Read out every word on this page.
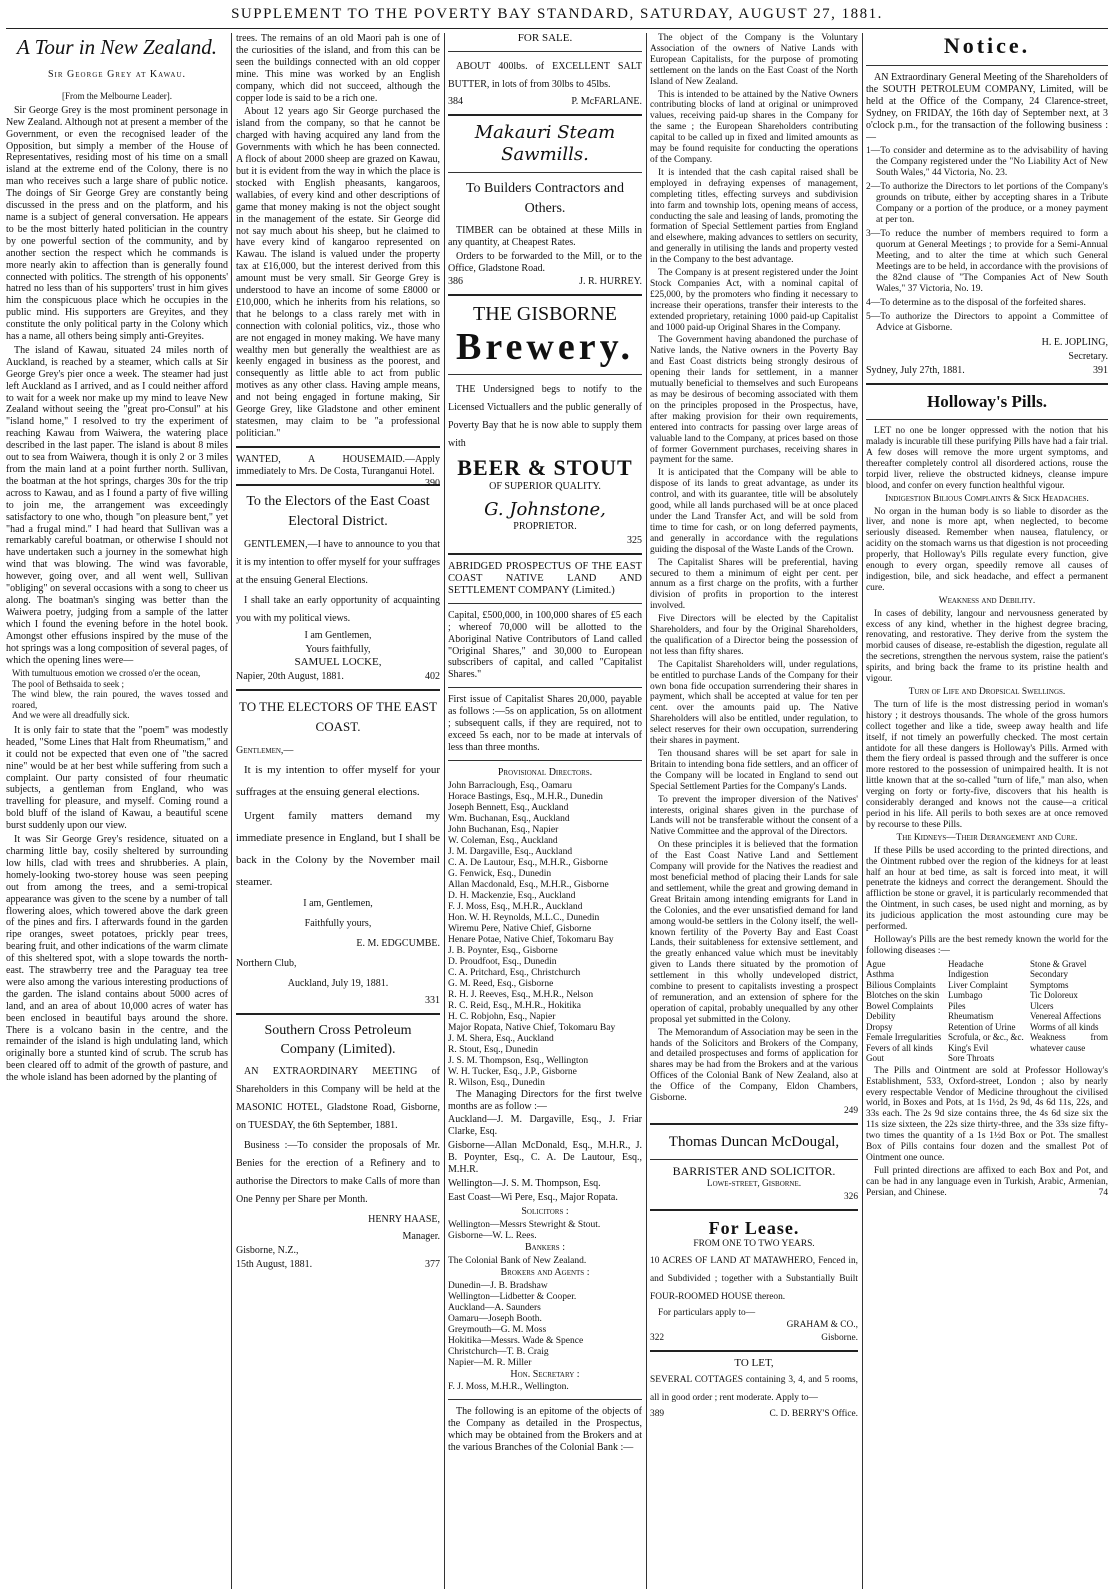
SUPPLEMENT TO THE POVERTY BAY STANDARD, SATURDAY, AUGUST 27, 1881.
A Tour in New Zealand.
Sir George Grey at Kawau.

[From the Melbourne Leader].

Sir George Grey is the most prominent personage in New Zealand. Although not at present a member of the Government, or even the recognised leader of the Opposition, but simply a member of the House of Representatives, residing most of his time on a small island at the extreme end of the Colony, there is no man who receives such a large share of public notice. The doings of Sir George Grey are constantly being discussed in the press and on the platform, and his name is a subject of general conversation. He appears to be the most bitterly hated politician in the country by one powerful section of the community, and by another section the respect which he commands is more nearly akin to affection than is generally found connected with politics. The strength of his opponents' hatred no less than of his supporters' trust in him gives him the conspicuous place which he occupies in the public mind. His supporters are Greyites, and they constitute the only political party in the Colony which has a name, all others being simply anti-Greyites.

The island of Kawau, situated 24 miles north of Auckland, is reached by a steamer, which calls at Sir George Grey's pier once a week. The steamer had just left Auckland as I arrived, and as I could neither afford to wait for a week nor make up my mind to leave New Zealand without seeing the "great pro-Consul" at his "island home," I resolved to try the experiment of reaching Kawau from Waiwera, the watering place described in the last paper. The island is about 8 miles out to sea from Waiwera, though it is only 2 or 3 miles from the main land at a point further north. Sullivan, the boatman at the hot springs, charges 30s for the trip across to Kawau, and as I found a party of five willing to join me, the arrangement was exceedingly satisfactory to one who, though "on pleasure bent," yet "had a frugal mind." I had heard that Sullivan was a remarkably careful boatman, or otherwise I should not have undertaken such a journey in the somewhat high wind that was blowing. The wind was favorable, however, going over, and all went well, Sullivan "obliging" on several occasions with a song to cheer us along. The boatman's singing was better than the Waiwera poetry, judging from a sample of the latter which I found the evening before in the hotel book. Amongst other effusions inspired by the muse of the hot springs was a long composition of several pages, of which the opening lines were—

With tumultuous emotion we crossed o'er the ocean,
The pool of Bethsaida to seek ;
The wind blew, the rain poured, the waves tossed and roared,
And we were all dreadfully sick.

It is only fair to state that the "poem" was modestly headed, "Some Lines that Halt from Rheumatism," and it could not be expected that even one of "the sacred nine" would be at her best while suffering from such a complaint. Our party consisted of four rheumatic subjects, a gentleman from England, who was travelling for pleasure, and myself. Coming round a bold bluff of the island of Kawau, a beautiful scene burst suddenly upon our view.

It was Sir George Grey's residence, situated on a charming little bay, cosily sheltered by surrounding low hills, clad with trees and shrubberies. A plain, homely-looking two-storey house was seen peeping out from among the trees, and a semi-tropical appearance was given to the scene by a number of tall flowering aloes, which towered above the dark green of the pines and firs. I afterwards found in the garden ripe oranges, sweet potatoes, prickly pear trees, bearing fruit, and other indications of the warm climate of this sheltered spot, with a slope towards the north-east. The strawberry tree and the Paraguay tea tree were also among the various interesting productions of the garden. The island contains about 5000 acres of land, and an area of about 10,000 acres of water has been enclosed in beautiful bays around the shore. There is a volcano basin in the centre, and the remainder of the island is high undulating land, which originally bore a stunted kind of scrub. The scrub has been cleared off to admit of the growth of pasture, and the whole island has been adorned by the planting of

trees. The remains of an old Maori pah is one of the curiosities of the island, and from this can be seen the buildings connected with an old copper mine. This mine was worked by an English company, which did not succeed, although the copper lode is said to be a rich one.

About 12 years ago Sir George purchased the island from the company, so that he cannot be charged with having acquired any land from the Governments with which he has been connected. A flock of about 2000 sheep are grazed on Kawau, but it is evident from the way in which the place is stocked with English pheasants, kangaroos, wallabies, of every kind and other descriptions of game that money making is not the object sought in the management of the estate. Sir George did not say much about his sheep, but he claimed to have every kind of kangaroo represented on Kawau. The island is valued under the property tax at £16,000, but the interest derived from this amount must be very small. Sir George Grey is understood to have an income of some £8000 or £10,000, which he inherits from his relations, so that he belongs to a class rarely met with in connection with colonial politics, viz., those who are not engaged in money making. We have many wealthy men but generally the wealthiest are as keenly engaged in business as the poorest, and consequently as little able to act from public motives as any other class. Having ample means, and not being engaged in fortune making, Sir George Grey, like Gladstone and other eminent statesmen, may claim to be "a professional politician."

WANTED, A HOUSEMAID.—Apply immediately to Mrs. De Costa, Turanganui Hotel.
390

To the Electors of the East Coast Electoral District.

GENTLEMEN,—I have to announce to you that it is my intention to offer myself for your suffrages at the ensuing General Elections.

I shall take an early opportunity of acquainting you with my political views.

I am Gentlemen,

Yours faithfully,

SAMUEL LOCKE,

Napier, 20th August, 1881.	402

TO THE ELECTORS OF THE EAST COAST.

Gentlemen,—

It is my intention to offer myself for your suffrages at the ensuing general elections.

Urgent family matters demand my immediate presence in England, but I shall be back in the Colony by the November mail steamer.

I am, Gentlemen,

Faithfully yours,

E. M. EDGCUMBE.

Northern Club,

Auckland, July 19, 1881.

331

Southern Cross Petroleum Company (Limited).

AN EXTRAORDINARY MEETING of Shareholders in this Company will be held at the MASONIC HOTEL, Gladstone Road, Gisborne, on TUESDAY, the 6th September, 1881.

Business :—To consider the proposals of Mr. Benies for the erection of a Refinery and to authorise the Directors to make Calls of more than One Penny per Share per Month.

HENRY HAASE,

Manager.

Gisborne, N.Z.,

15th August, 1881.	377

FOR SALE.

ABOUT 400lbs. of EXCELLENT SALT BUTTER, in lots of from 30lbs to 45lbs.

384	P. McFARLANE.

Makauri Steam Sawmills.
To Builders Contractors and Others.

TIMBER can be obtained at these Mills in any quantity, at Cheapest Rates.

Orders to be forwarded to the Mill, or to the Office, Gladstone Road.

386	J. R. HURREY.

THE GISBORNE
Brewery.

THE Undersigned begs to notify to the Licensed Victuallers and the public generally of Poverty Bay that he is now able to supply them with

BEER & STOUT

OF SUPERIOR QUALITY.

G. Johnstone,

PROPRIETOR.

325

ABRIDGED PROSPECTUS OF THE EAST COAST NATIVE LAND AND SETTLEMENT COMPANY (Limited.)

Capital, £500,000, in 100,000 shares of £5 each ; whereof 70,000 will be allotted to the Aboriginal Native Contributors of Land called "Original Shares," and 30,000 to European subscribers of capital, and called "Capitalist Shares."

First issue of Capitalist Shares 20,000, payable as follows :—5s on application, 5s on allotment ; subsequent calls, if they are required, not to exceed 5s each, nor to be made at intervals of less than three months.

Provisional Directors.

John Barraclough, Esq., Oamaru

Horace Bastings, Esq., M.H.R., Dunedin

Joseph Bennett, Esq., Auckland

Wm. Buchanan, Esq., Auckland

John Buchanan, Esq., Napier

W. Coleman, Esq., Auckland

J. M. Dargaville, Esq., Auckland

C. A. De Lautour, Esq., M.H.R., Gisborne

G. Fenwick, Esq., Dunedin

Allan Macdonald, Esq., M.H.R., Gisborne

D. H. Mackenzie, Esq., Auckland

F. J. Moss, Esq., M.H.R., Auckland

Hon. W. H. Reynolds, M.L.C., Dunedin

Wiremu Pere, Native Chief, Gisborne

Henare Potae, Native Chief, Tokomaru Bay

J. B. Poynter, Esq., Gisborne

D. Proudfoot, Esq., Dunedin

C. A. Pritchard, Esq., Christchurch

G. M. Reed, Esq., Gisborne

R. H. J. Reeves, Esq., M.H.R., Nelson

R. C. Reid, Esq., M.H.R., Hokitika

H. C. Robjohn, Esq., Napier

Major Ropata, Native Chief, Tokomaru Bay

J. M. Shera, Esq., Auckland

R. Stout, Esq., Dunedin

J. S. M. Thompson, Esq., Wellington

W. H. Tucker, Esq., J.P., Gisborne

R. Wilson, Esq., Dunedin

The Managing Directors for the first twelve months are as follow :—

Auckland—J. M. Dargaville, Esq., J. Friar Clarke, Esq.

Gisborne—Allan McDonald, Esq., M.H.R., J. B. Poynter, Esq., C. A. De Lautour, Esq., M.H.R.

Wellington—J. S. M. Thompson, Esq.

East Coast—Wi Pere, Esq., Major Ropata.

Solicitors :

Wellington—Messrs Stewright & Stout.

Gisborne—W. L. Rees.

Bankers :

The Colonial Bank of New Zealand.

Brokers and Agents :

Dunedin—J. B. Bradshaw

Wellington—Lidbetter & Cooper.

Auckland—A. Saunders

Oamaru—Joseph Booth.

Greymouth—G. M. Moss

Hokitika—Messrs. Wade & Spence

Christchurch—T. B. Craig

Napier—M. R. Miller

Hon. Secretary :

F. J. Moss, M.H.R., Wellington.

The following is an epitome of the objects of the Company as detailed in the Prospectus, which may be obtained from the Brokers and at the various Branches of the Colonial Bank :—

The object of the Company is the Voluntary Association of the owners of Native Lands with European Capitalists, for the purpose of promoting settlement on the lands on the East Coast of the North Island of New Zealand.

This is intended to be attained by the Native Owners contributing blocks of land at original or unimproved values, receiving paid-up shares in the Company for the same ; the European Shareholders contributing capital to be called up in fixed and limited amounts as may be found requisite for conducting the operations of the Company.

It is intended that the cash capital raised shall be employed in defraying expenses of management, completing titles, effecting surveys and subdivision into farm and township lots, opening means of access, conducting the sale and leasing of lands, promoting the formation of Special Settlement parties from England and elsewhere, making advances to settlers on security, and generally in utilising the lands and property vested in the Company to the best advantage.

The Company is at present registered under the Joint Stock Companies Act, with a nominal capital of £25,000, by the promoters who finding it necessary to increase their operations, transfer their interests to the extended proprietary, retaining 1000 paid-up Capitalist and 1000 paid-up Original Shares in the Company.

The Government having abandoned the purchase of Native lands, the Native owners in the Poverty Bay and East Coast districts being strongly desirous of opening their lands for settlement, in a manner mutually beneficial to themselves and such Europeans as may be desirous of becoming associated with them on the principles proposed in the Prospectus, have, after making provision for their own requirements, entered into contracts for passing over large areas of valuable land to the Company, at prices based on those of former Government purchases, receiving shares in payment for the same.

It is anticipated that the Company will be able to dispose of its lands to great advantage, as under its control, and with its guarantee, title will be absolutely good, while all lands purchased will be at once placed under the Land Transfer Act, and will be sold from time to time for cash, or on long deferred payments, and generally in accordance with the regulations guiding the disposal of the Waste Lands of the Crown.

The Capitalist Shares will be preferential, having secured to them a minimum of eight per cent. per annum as a first charge on the profits, with a further division of profits in proportion to the interest involved.

Five Directors will be elected by the Capitalist Shareholders, and four by the Original Shareholders, the qualification of a Director being the possession of not less than fifty shares.

The Capitalist Shareholders will, under regulations, be entitled to purchase Lands of the Company for their own bona fide occupation surrendering their shares in payment, which shall be accepted at value for ten per cent. over the amounts paid up. The Native Shareholders will also be entitled, under regulation, to select reserves for their own occupation, surrendering their shares in payment.

Ten thousand shares will be set apart for sale in Britain to intending bona fide settlers, and an officer of the Company will be located in England to send out Special Settlement Parties for the Company's Lands.

To prevent the improper diversion of the Natives' interests, original shares given in the purchase of Lands will not be transferable without the consent of a Native Committee and the approval of the Directors.

On these principles it is believed that the formation of the East Coast Native Land and Settlement Company will provide for the Natives the readiest and most beneficial method of placing their Lands for sale and settlement, while the great and growing demand in Great Britain among intending emigrants for Land in the Colonies, and the ever unsatisfied demand for land among would-be settlers in the Colony itself, the well-known fertility of the Poverty Bay and East Coast Lands, their suitableness for extensive settlement, and the greatly enhanced value which must be inevitably given to Lands there situated by the promotion of settlement in this wholly undeveloped district, combine to present to capitalists investing a prospect of remuneration, and an extension of sphere for the operation of capital, probably unequalled by any other proposal yet submitted in the Colony.

The Memorandum of Association may be seen in the hands of the Solicitors and Brokers of the Company, and detailed prospectuses and forms of application for shares may be had from the Brokers and at the various Offices of the Colonial Bank of New Zealand, also at the Office of the Company, Eldon Chambers, Gisborne.

249

Thomas Duncan McDougal,

BARRISTER AND SOLICITOR.

Lowe-street, Gisborne.

326

For Lease.

FROM ONE TO TWO YEARS.

10 ACRES OF LAND AT MATAWHERO, Fenced in, and Subdivided ; together with a Substantially Built FOUR-ROOMED HOUSE thereon.

For particulars apply to—

GRAHAM & CO.,

322	Gisborne.

TO LET,

SEVERAL COTTAGES containing 3, 4, and 5 rooms, all in good order ; rent moderate. Apply to—

389	C. D. BERRY'S Office.

Notice.

AN Extraordinary General Meeting of the Shareholders of the SOUTH PETROLEUM COMPANY, Limited, will be held at the Office of the Company, 24 Clarence-street, Sydney, on FRIDAY, the 16th day of September next, at 3 o'clock p.m., for the transaction of the following business :—

1—To consider and determine as to the advisability of having the Company registered under the "No Liability Act of New South Wales," 44 Victoria, No. 23.

2—To authorize the Directors to let portions of the Company's grounds on tribute, either by accepting shares in a Tribute Company or a portion of the produce, or a money payment at per ton.

3—To reduce the number of members required to form a quorum at General Meetings ; to provide for a Semi-Annual Meeting, and to alter the time at which such General Meetings are to be held, in accordance with the provisions of the 82nd clause of "The Companies Act of New South Wales," 37 Victoria, No. 19.

4—To determine as to the disposal of the forfeited shares.

5—To authorize the Directors to appoint a Committee of Advice at Gisborne.

H. E. JOPLING,

Secretary.

Sydney, July 27th, 1881.	391

Holloway's Pills.

LET no one be longer oppressed with the notion that his malady is incurable till these purifying Pills have had a fair trial. A few doses will remove the more urgent symptoms, and thereafter completely control all disordered actions, rouse the torpid liver, relieve the obstructed kidneys, cleanse impure blood, and confer on every function healthful vigour.

Indigestion Bilious Complaints & Sick Headaches.

No organ in the human body is so liable to disorder as the liver, and none is more apt, when neglected, to become seriously diseased. Remember when nausea, flatulency, or acidity on the stomach warns us that digestion is not proceeding properly, that Holloway's Pills regulate every function, give enough to every organ, speedily remove all causes of indigestion, bile, and sick headache, and effect a permanent cure.

Weakness and Debility.

In cases of debility, langour and nervousness generated by excess of any kind, whether in the highest degree bracing, renovating, and restorative. They derive from the system the morbid causes of disease, re-establish the digestion, regulate all the secretions, strengthen the nervous system, raise the patient's spirits, and bring back the frame to its pristine health and vigour.

Turn of Life and Dropsical Swellings.

The turn of life is the most distressing period in woman's history ; it destroys thousands. The whole of the gross humors collect together and like a tide, sweep away health and life itself, if not timely an powerfully checked. The most certain antidote for all these dangers is Holloway's Pills. Armed with them the fiery ordeal is passed through and the sufferer is once more restored to the possession of unimpaired health. It is not little known that at the so-called "turn of life," man also, when verging on forty or forty-five, discovers that his health is considerably deranged and knows not the cause—a critical period in his life. All perils to both sexes are at once removed by recourse to these Pills.

The Kidneys—Their Derangement and Cure.

If these Pills be used according to the printed directions, and the Ointment rubbed over the region of the kidneys for at least half an hour at bed time, as salt is forced into meat, it will penetrate the kidneys and correct the derangement. Should the affliction be stone or gravel, it is particularly recommended that the Ointment, in such cases, be used night and morning, as by its judicious application the most astounding cure may be performed.

Holloway's Pills are the best remedy known the world for the following diseases :—

Ague
Asthma
Bilious Complaints
Blotches on the skin
Bowel Complaints
Debility
Dropsy
Female Irregularities
Fevers of all kinds
Gout
Headache
Indigestion
Liver Complaint
Lumbago
Piles
Rheumatism
Retention of Urine
Scrofula, or &c., &c.
King's Evil
Sore Throats
Stone & Gravel
Secondary Symptoms
Tic Doloreux
Ulcers
Venereal Affections
Worms of all kinds
Weakness from whatever cause

The Pills and Ointment are sold at Professor Holloway's Establishment, 533, Oxford-street, London ; also by nearly every respectable Vendor of Medicine throughout the civilised world, in Boxes and Pots, at 1s 1½d, 2s 9d, 4s 6d 11s, 22s, and 33s each. The 2s 9d size contains three, the 4s 6d size six the 11s size sixteen, the 22s size thirty-three, and the 33s size fifty-two times the quantity of a 1s 1½d Box or Pot. The smallest Box of Pills contains four dozen and the smallest Pot of Ointment one ounce.

Full printed directions are affixed to each Box and Pot, and can be had in any language even in Turkish, Arabic, Armenian, Persian, and Chinese.	74
